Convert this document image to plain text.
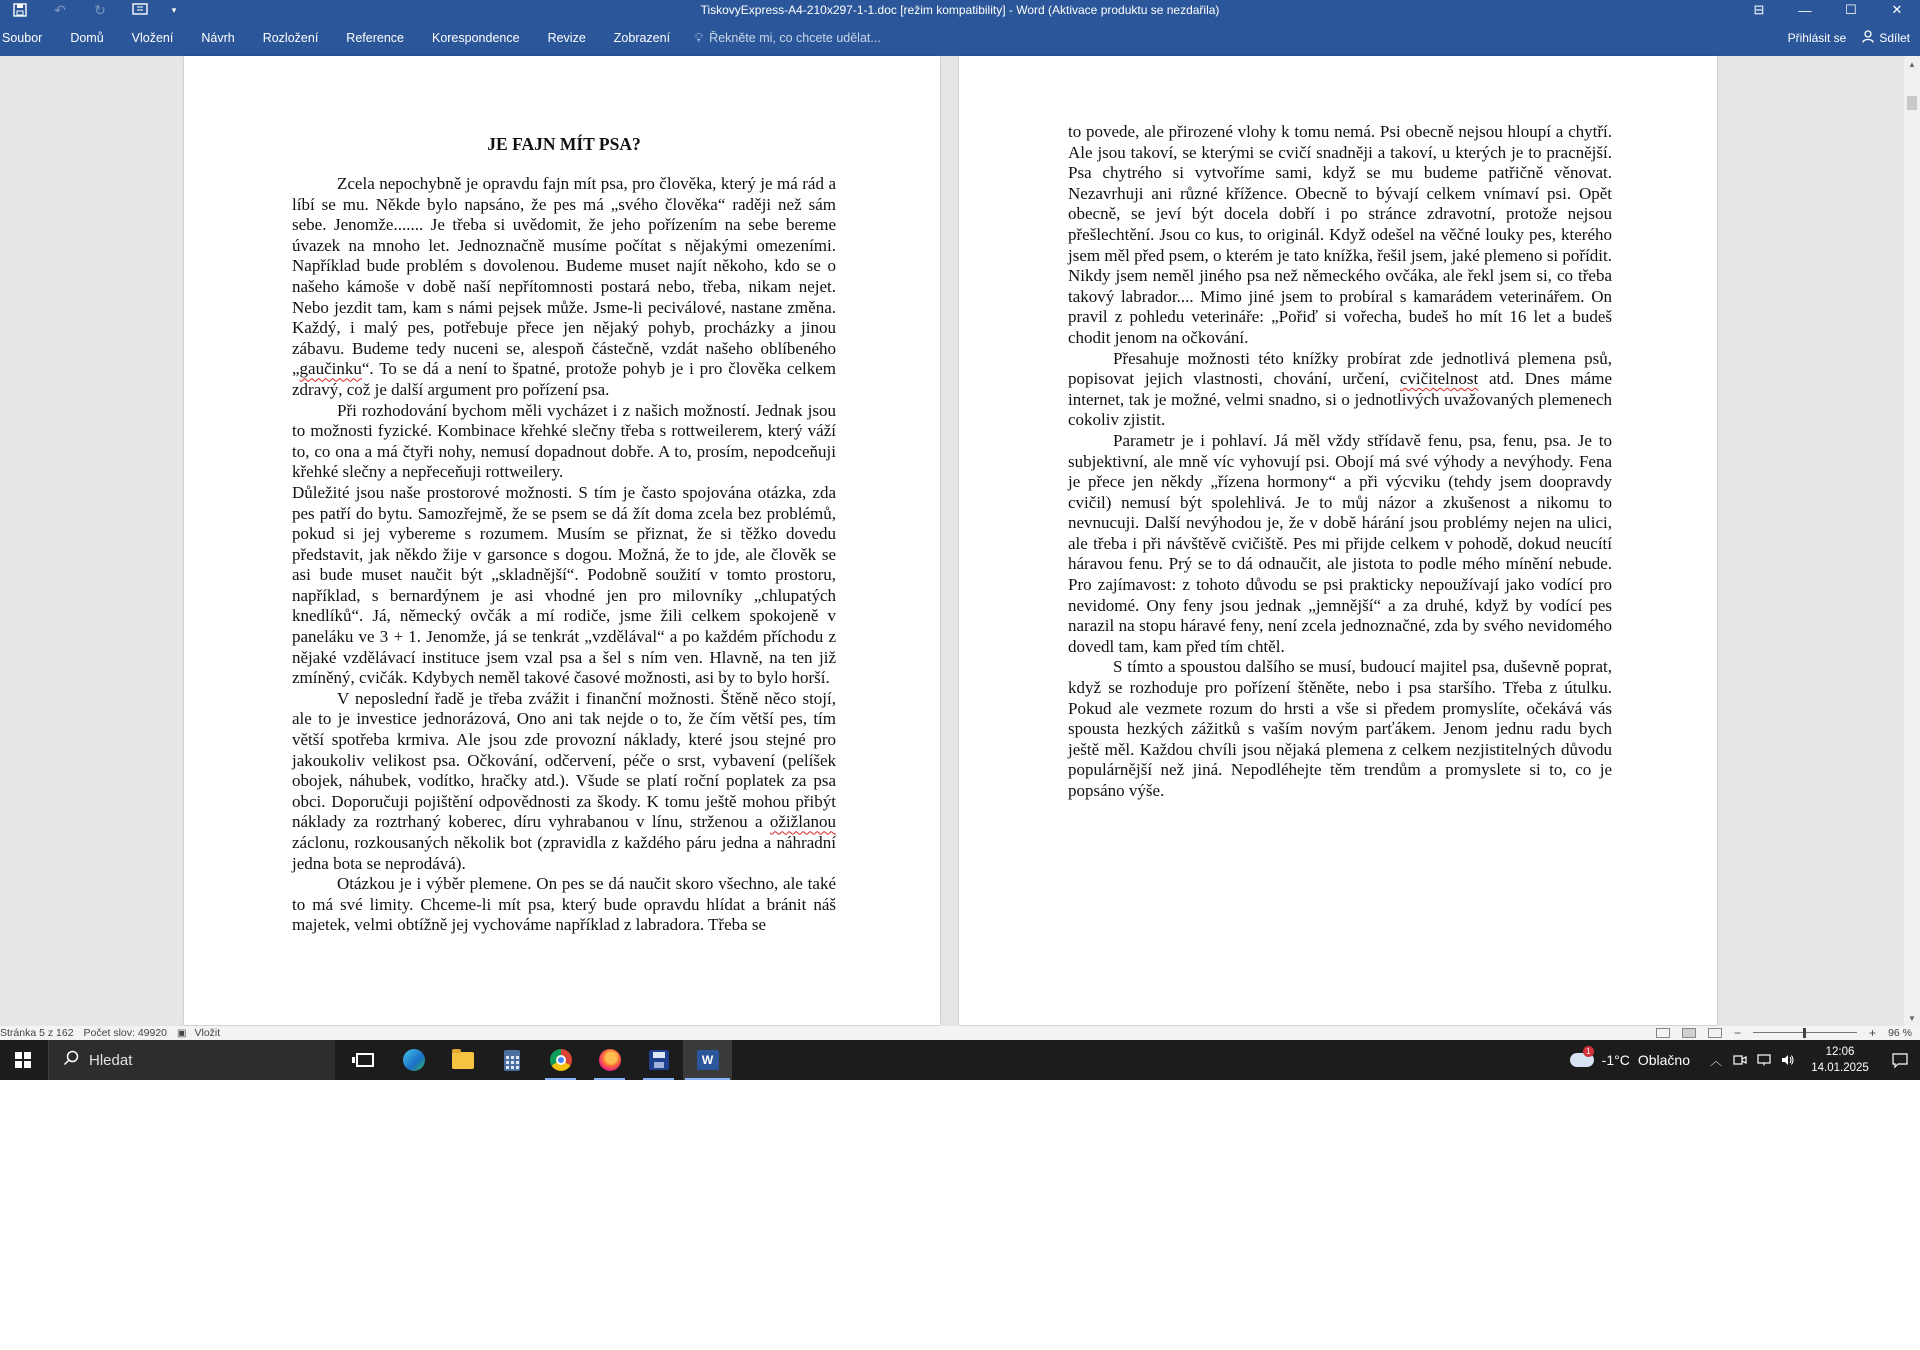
↶	↻	▾	TiskovyExpress-A4-210x297-1-1.doc [režim kompatibility] - Word (Aktivace produktu se nezdařila)	⊟	—	☐	✕
Soubor	Domů	Vložení	Návrh	Rozložení	Reference	Korespondence	Revize	Zobrazení	💡︎ Řekněte mi, co chcete udělat...	Přihlásit se	Sdílet

JE FAJN MÍT PSA?

Zcela nepochybně je opravdu fajn mít psa, pro člověka, který je má rád a líbí se mu. Někde bylo napsáno, že pes má „svého člověka“ raději než sám sebe. Jenomže....... Je třeba si uvědomit, že jeho pořízením na sebe bereme úvazek na mnoho let. Jednoznačně musíme počítat s nějakými omezeními. Například bude problém s dovolenou. Budeme muset najít někoho, kdo se o našeho kámoše v době naší nepřítomnosti postará nebo, třeba, nikam nejet. Nebo jezdit tam, kam s námi pejsek může. Jsme-li peciválové, nastane změna. Každý, i malý pes, potřebuje přece jen nějaký pohyb, procházky a jinou zábavu. Budeme tedy nuceni se, alespoň částečně, vzdát našeho oblíbeného „gaučinku“. To se dá a není to špatné, protože pohyb je i pro člověka celkem zdravý, což je další argument pro pořízení psa.

Při rozhodování bychom měli vycházet i z našich možností. Jednak jsou to možnosti fyzické. Kombinace křehké slečny třeba s rottweilerem, který váží to, co ona a má čtyři nohy, nemusí dopadnout dobře. A to, prosím, nepodceňuji křehké slečny a nepřeceňuji rottweilery.

Důležité jsou naše prostorové možnosti. S tím je často spojována otázka, zda pes patří do bytu. Samozřejmě, že se psem se dá žít doma zcela bez problémů, pokud si jej vybereme s rozumem. Musím se přiznat, že si těžko dovedu představit, jak někdo žije v garsonce s dogou. Možná, že to jde, ale člověk se asi bude muset naučit být „skladnější“. Podobně soužití v tomto prostoru, například, s bernardýnem je asi vhodné jen pro milovníky „chlupatých knedlíků“. Já, německý ovčák a mí rodiče, jsme žili celkem spokojeně v paneláku ve 3 + 1. Jenomže, já se tenkrát „vzdělával“ a po každém příchodu z nějaké vzdělávací instituce jsem vzal psa a šel s ním ven. Hlavně, na ten již zmíněný, cvičák. Kdybych neměl takové časové možnosti, asi by to bylo horší.

V neposlední řadě je třeba zvážit i finanční možnosti. Štěně něco stojí, ale to je investice jednorázová, Ono ani tak nejde o to, že čím větší pes, tím větší spotřeba krmiva. Ale jsou zde provozní náklady, které jsou stejné pro jakoukoliv velikost psa. Očkování, odčervení, péče o srst, vybavení (pelíšek obojek, náhubek, vodítko, hračky atd.). Všude se platí roční poplatek za psa obci. Doporučuji pojištění odpovědnosti za škody. K tomu ještě mohou přibýt náklady za roztrhaný koberec, díru vyhrabanou v línu, strženou a ožižlanou záclonu, rozkousaných několik bot (zpravidla z každého páru jedna a náhradní jedna bota se neprodává).

Otázkou je i výběr plemene. On pes se dá naučit skoro všechno, ale také to má své limity. Chceme-li mít psa, který bude opravdu hlídat a bránit náš majetek, velmi obtížně jej vychováme například z labradora. Třeba se

to povede, ale přirozené vlohy k tomu nemá. Psi obecně nejsou hloupí a chytří. Ale jsou takoví, se kterými se cvičí snadněji a takoví, u kterých je to pracnější. Psa chytrého si vytvoříme sami, když se mu budeme patřičně věnovat. Nezavrhuji ani různé křížence. Obecně to bývají celkem vnímaví psi. Opět obecně, se jeví být docela dobří i po stránce zdravotní, protože nejsou přešlechtění. Jsou co kus, to originál. Když odešel na věčné louky pes, kterého jsem měl před psem, o kterém je tato knížka, řešil jsem, jaké plemeno si pořídit. Nikdy jsem neměl jiného psa než německého ovčáka, ale řekl jsem si, co třeba takový labrador.... Mimo jiné jsem to probíral s kamarádem veterinářem. On pravil z pohledu veterináře: „Pořiď si vořecha, budeš ho mít 16 let a budeš chodit jenom na očkování.

Přesahuje možnosti této knížky probírat zde jednotlivá plemena psů, popisovat jejich vlastnosti, chování, určení, cvičitelnost atd. Dnes máme internet, tak je možné, velmi snadno, si o jednotlivých uvažovaných plemenech cokoliv zjistit.

Parametr je i pohlaví. Já měl vždy střídavě fenu, psa, fenu, psa. Je to subjektivní, ale mně víc vyhovují psi. Obojí má své výhody a nevýhody. Fena je přece jen někdy „řízena hormony“ a při výcviku (tehdy jsem doopravdy cvičil) nemusí být spolehlivá. Je to můj názor a zkušenost a nikomu to nevnucuji. Další nevýhodou je, že v době hárání jsou problémy nejen na ulici, ale třeba i při návštěvě cvičiště. Pes mi přijde celkem v pohodě, dokud neucítí háravou fenu. Prý se to dá odnaučit, ale jistota to podle mého mínění nebude. Pro zajímavost: z tohoto důvodu se psi prakticky nepoužívají jako vodící pro nevidomé. Ony feny jsou jednak „jemnější“ a za druhé, když by vodící pes narazil na stopu háravé feny, není zcela jednoznačné, zda by svého nevidomého dovedl tam, kam před tím chtěl.

S tímto a spoustou dalšího se musí, budoucí majitel psa, duševně poprat, když se rozhoduje pro pořízení štěněte, nebo i psa staršího. Třeba z útulku. Pokud ale vezmete rozum do hrsti a vše si předem promyslíte, očekává vás spousta hezkých zážitků s vaším novým parťákem. Jenom jednu radu bych ještě měl. Každou chvíli jsou nějaká plemena z celkem nezjistitelných důvodu populárnější než jiná. Nepodléhejte těm trendům a promyslete si to, co je popsáno výše.

▲
▼
Stránka 5 z 162 Počet slov: 49920	▣ Vložit	−	+ 96 %
Hledat	W
1
-1°C Oblačno	︿
12:06
14.01.2025
